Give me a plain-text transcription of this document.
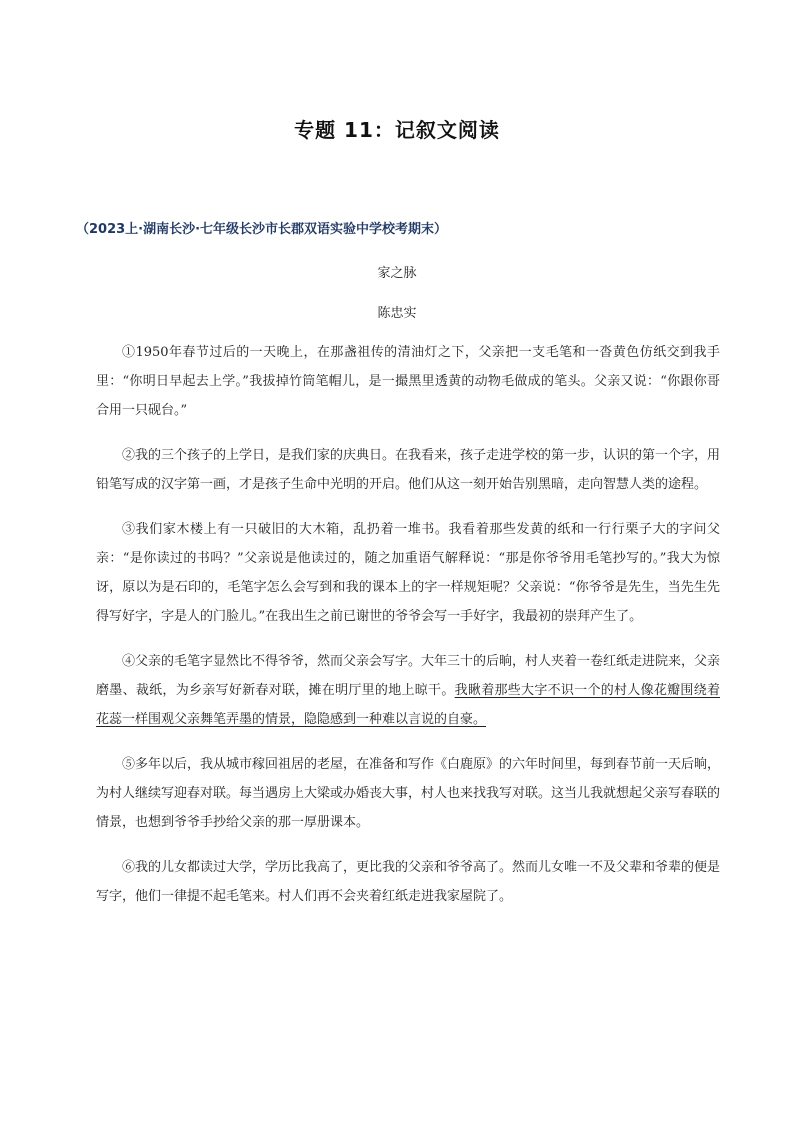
专题 11：记叙文阅读
（2023上·湖南长沙·七年级长沙市长郡双语实验中学校考期末）
家之脉
陈忠实

①1950年春节过后的一天晚上，在那盏祖传的清油灯之下，父亲把一支毛笔和一沓黄色仿纸交到我手里：“你明日早起去上学。”我拔掉竹筒笔帽儿，是一撮黑里透黄的动物毛做成的笔头。父亲又说：“你跟你哥合用一只砚台。”

②我的三个孩子的上学日，是我们家的庆典日。在我看来，孩子走进学校的第一步，认识的第一个字，用铅笔写成的汉字第一画，才是孩子生命中光明的开启。他们从这一刻开始告别黑暗，走向智慧人类的途程。

③我们家木楼上有一只破旧的大木箱，乱扔着一堆书。我看着那些发黄的纸和一行行栗子大的字问父亲：“是你读过的书吗？”父亲说是他读过的，随之加重语气解释说：“那是你爷爷用毛笔抄写的。”我大为惊讶，原以为是石印的，毛笔字怎么会写到和我的课本上的字一样规矩呢？父亲说：“你爷爷是先生，当先生先得写好字，字是人的门脸儿。”在我出生之前已谢世的爷爷会写一手好字，我最初的崇拜产生了。

④父亲的毛笔字显然比不得爷爷，然而父亲会写字。大年三十的后晌，村人夹着一卷红纸走进院来，父亲磨墨、裁纸，为乡亲写好新春对联，摊在明厅里的地上晾干。我瞅着那些大字不识一个的村人像花瓣围绕着花蕊一样围观父亲舞笔弄墨的情景，隐隐感到一种难以言说的自豪。

⑤多年以后，我从城市稼回祖居的老屋，在准备和写作《白鹿原》的六年时间里，每到春节前一天后晌，为村人继续写迎春对联。每当遇房上大梁或办婚丧大事，村人也来找我写对联。这当儿我就想起父亲写春联的情景，也想到爷爷手抄给父亲的那一厚册课本。

⑥我的儿女都读过大学，学历比我高了，更比我的父亲和爷爷高了。然而儿女唯一不及父辈和爷辈的便是写字，他们一律提不起毛笔来。村人们再不会夹着红纸走进我家屋院了。
